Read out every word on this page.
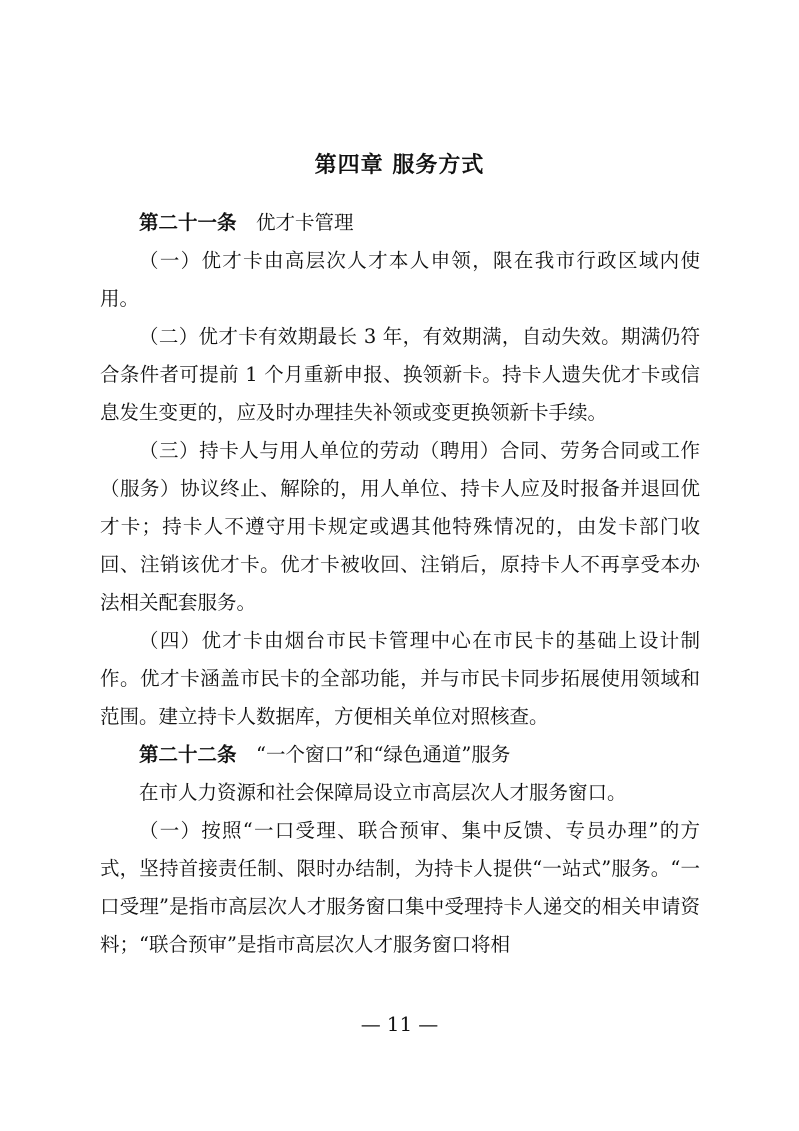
第四章 服务方式

第二十一条 优才卡管理

（一）优才卡由高层次人才本人申领，限在我市行政区域内使用。

（二）优才卡有效期最长 3 年，有效期满，自动失效。期满仍符合条件者可提前 1 个月重新申报、换领新卡。持卡人遗失优才卡或信息发生变更的，应及时办理挂失补领或变更换领新卡手续。

（三）持卡人与用人单位的劳动（聘用）合同、劳务合同或工作（服务）协议终止、解除的，用人单位、持卡人应及时报备并退回优才卡；持卡人不遵守用卡规定或遇其他特殊情况的，由发卡部门收回、注销该优才卡。优才卡被收回、注销后，原持卡人不再享受本办法相关配套服务。

（四）优才卡由烟台市民卡管理中心在市民卡的基础上设计制作。优才卡涵盖市民卡的全部功能，并与市民卡同步拓展使用领域和范围。建立持卡人数据库，方便相关单位对照核查。

第二十二条 “一个窗口”和“绿色通道”服务

在市人力资源和社会保障局设立市高层次人才服务窗口。

（一）按照“一口受理、联合预审、集中反馈、专员办理”的方式，坚持首接责任制、限时办结制，为持卡人提供“一站式”服务。“一口受理”是指市高层次人才服务窗口集中受理持卡人递交的相关申请资料；“联合预审”是指市高层次人才服务窗口将相

— 11 —
